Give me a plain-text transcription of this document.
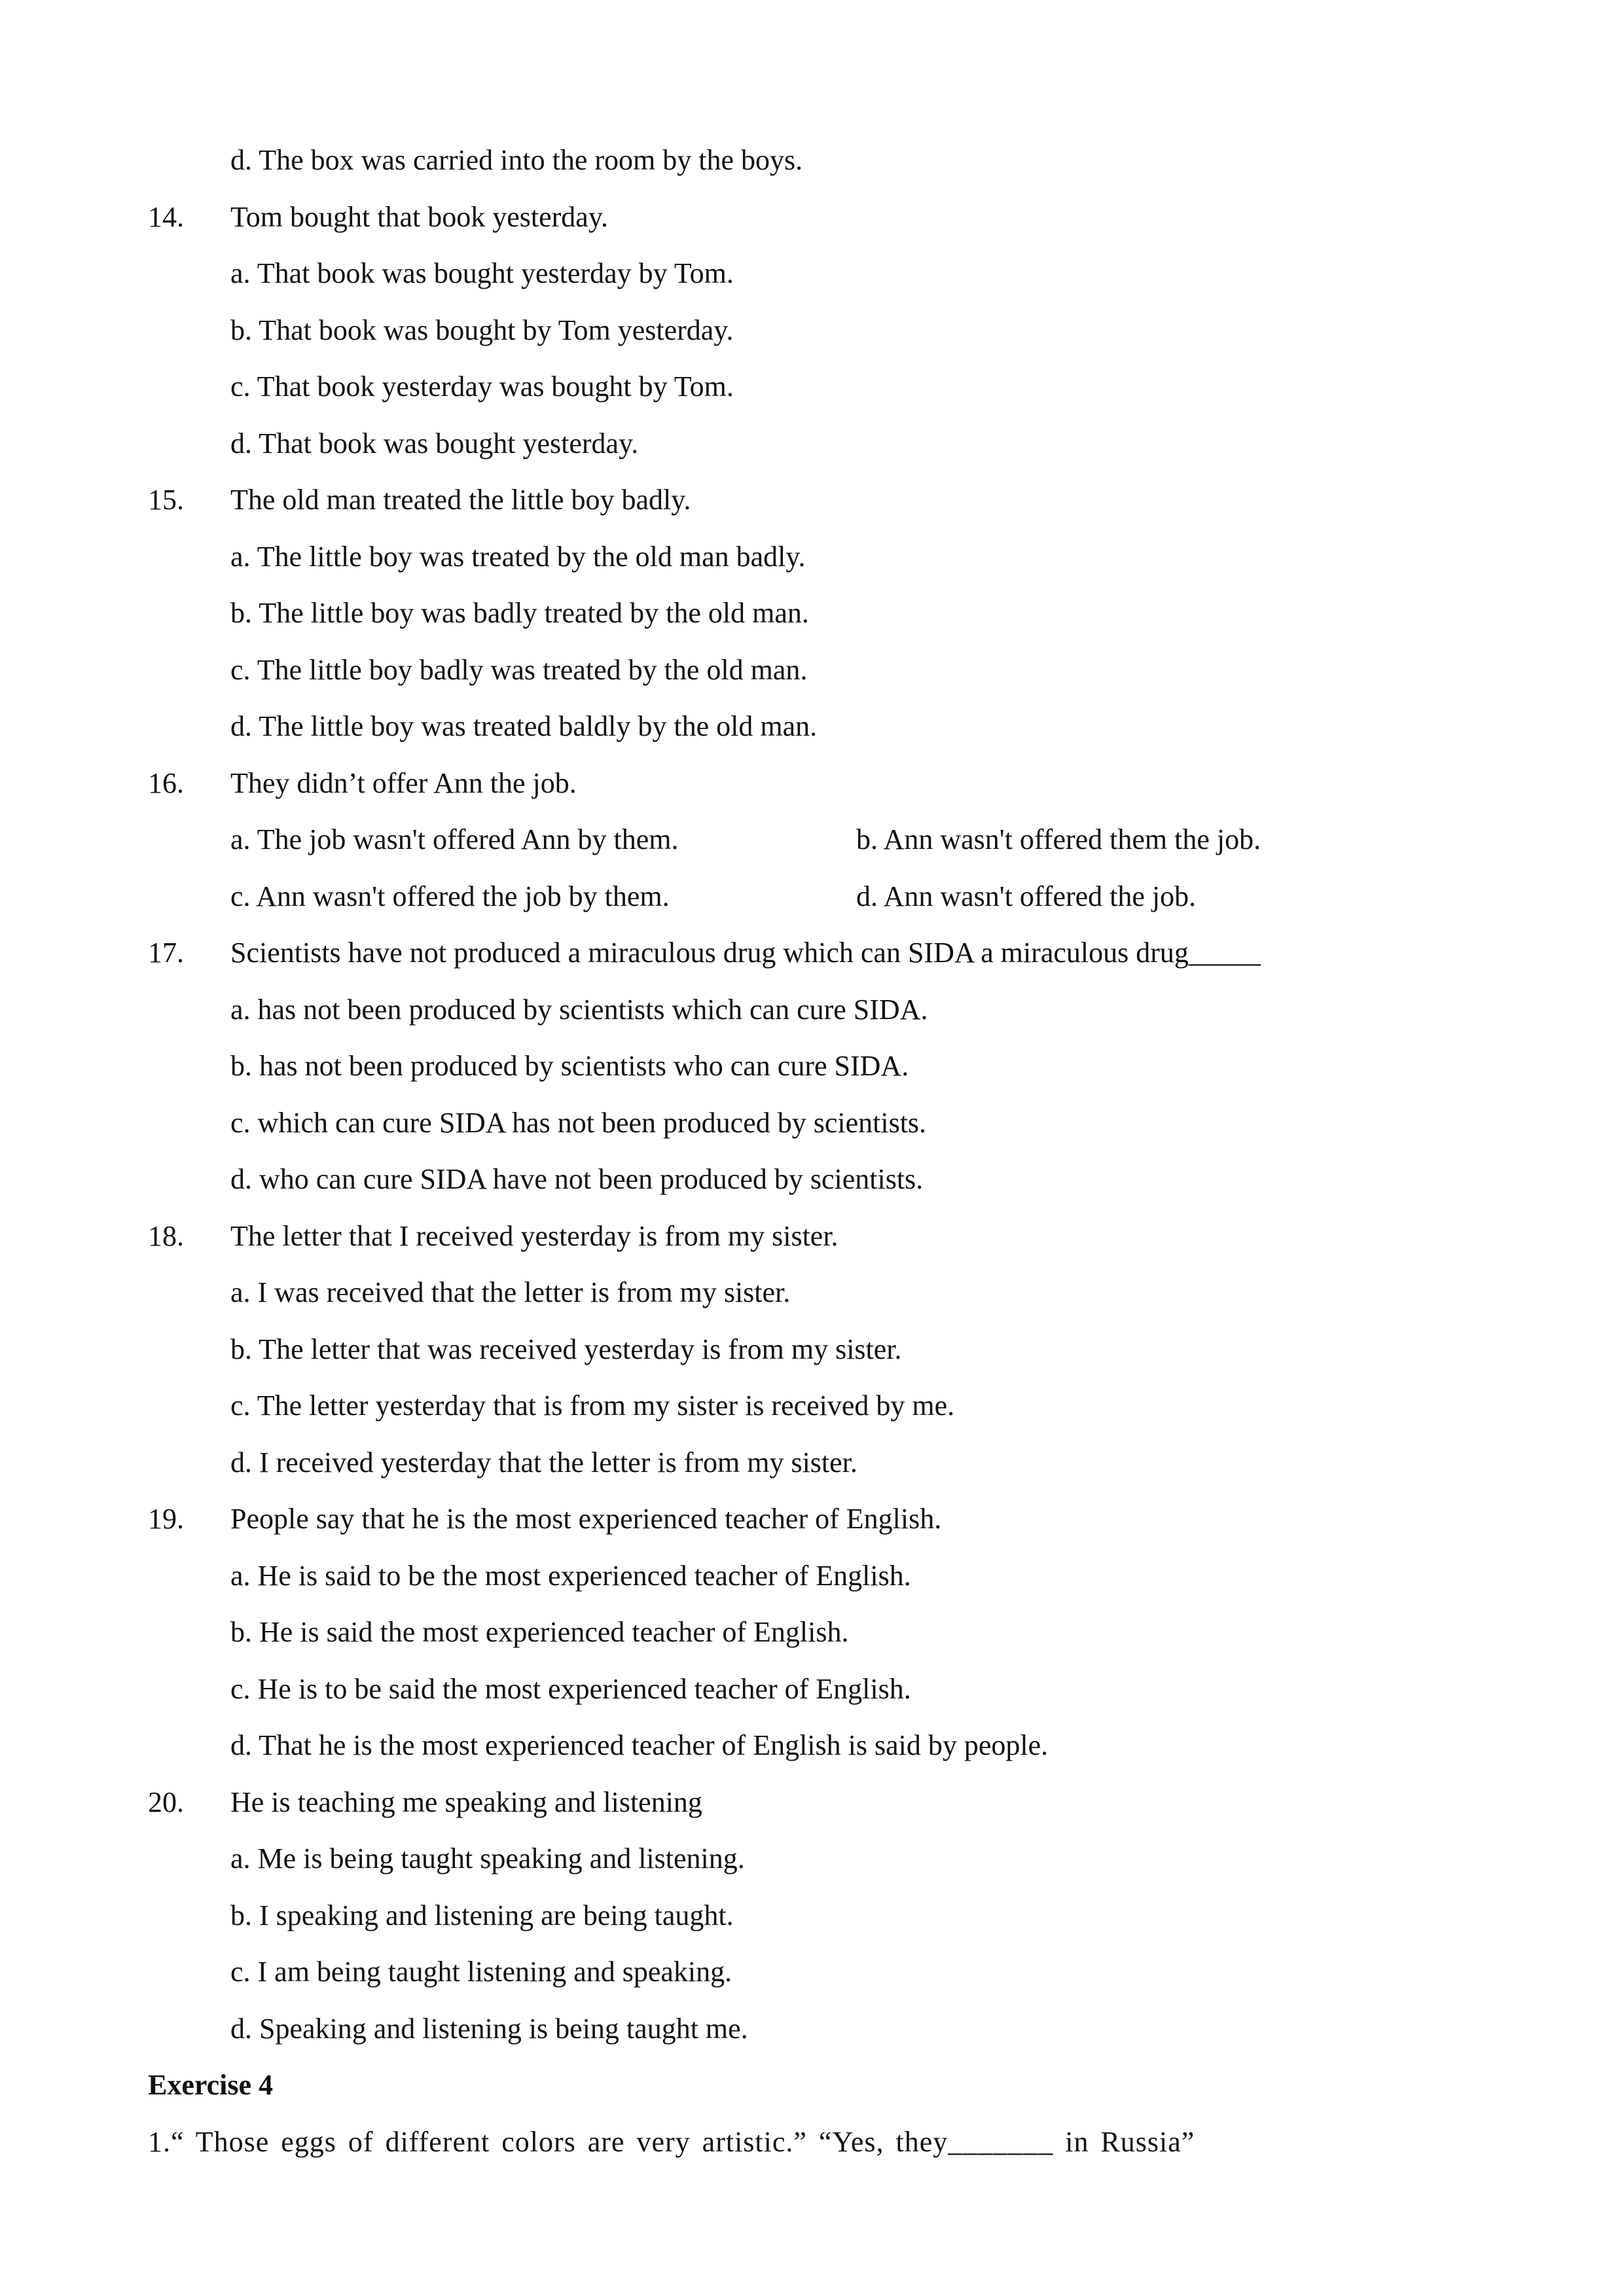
d. The box was carried into the room by the boys.
14. Tom bought that book yesterday.
a. That book was bought yesterday by Tom.
b. That book was bought by Tom yesterday.
c. That book yesterday was bought by Tom.
d. That book was bought yesterday.
15. The old man treated the little boy badly.
a. The little boy was treated by the old man badly.
b. The little boy was badly treated by the old man.
c. The little boy badly was treated by the old man.
d. The little boy was treated baldly by the old man.
16. They didn’t offer Ann the job.
a. The job wasn't offered Ann by them.	b. Ann wasn't offered them the job.
c. Ann wasn't offered the job by them.	d. Ann wasn't offered the job.
17. Scientists have not produced a miraculous drug which can SIDA a miraculous drug_____
a. has not been produced by scientists which can cure SIDA.
b. has not been produced by scientists who can cure SIDA.
c. which can cure SIDA has not been produced by scientists.
d. who can cure SIDA have not been produced by scientists.
18. The letter that I received yesterday is from my sister.
a. I was received that the letter is from my sister.
b. The letter that was received yesterday is from my sister.
c. The letter yesterday that is from my sister is received by me.
d. I received yesterday that the letter is from my sister.
19. People say that he is the most experienced teacher of English.
a. He is said to be the most experienced teacher of English.
b. He is said the most experienced teacher of English.
c. He is to be said the most experienced teacher of English.
d. That he is the most experienced teacher of English is said by people.
20. He is teaching me speaking and listening
a. Me is being taught speaking and listening.
b. I speaking and listening are being taught.
c. I am being taught listening and speaking.
d. Speaking and listening is being taught me.
Exercise 4
1.“ Those eggs of different colors are very artistic.” “Yes, they_______ in Russia”
